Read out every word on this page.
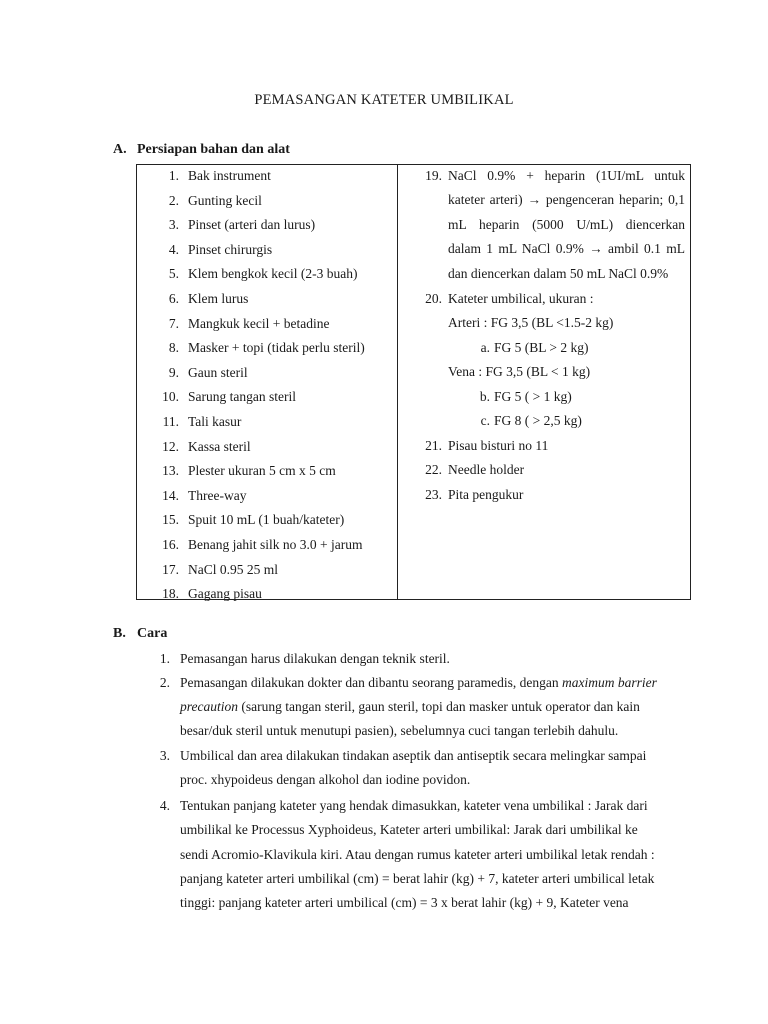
PEMASANGAN KATETER UMBILIKAL
A. Persiapan bahan dan alat
1. Bak instrument
2. Gunting kecil
3. Pinset (arteri dan lurus)
4. Pinset chirurgis
5. Klem bengkok kecil (2-3 buah)
6. Klem lurus
7. Mangkuk kecil + betadine
8. Masker + topi (tidak perlu steril)
9. Gaun steril
10. Sarung tangan steril
11. Tali kasur
12. Kassa steril
13. Plester ukuran 5 cm x 5 cm
14. Three-way
15. Spuit 10 mL (1 buah/kateter)
16. Benang jahit silk no 3.0 + jarum
17. NaCl 0.95 25 ml
18. Gagang pisau
19. NaCl 0.9% + heparin (1UI/mL untuk
kateter arteri) → pengenceran heparin; 0,1
mL heparin (5000 U/mL) diencerkan
dalam 1 mL NaCl 0.9% → ambil 0.1 mL
dan diencerkan dalam 50 mL NaCl 0.9%
20. Kateter umbilical, ukuran :
Arteri : FG 3,5 (BL <1.5-2 kg)
a. FG 5 (BL > 2 kg)
Vena : FG 3,5 (BL < 1 kg)
b. FG 5 ( > 1 kg)
c. FG 8 ( > 2,5 kg)
21. Pisau bisturi no 11
22. Needle holder
23. Pita pengukur
B. Cara
1. Pemasangan harus dilakukan dengan teknik steril.
2. Pemasangan dilakukan dokter dan dibantu seorang paramedis, dengan maximum barrier
precaution (sarung tangan steril, gaun steril, topi dan masker untuk operator dan kain
besar/duk steril untuk menutupi pasien), sebelumnya cuci tangan terlebih dahulu.
3. Umbilical dan area dilakukan tindakan aseptik dan antiseptik secara melingkar sampai
proc. xhypoideus dengan alkohol dan iodine povidon.
4. Tentukan panjang kateter yang hendak dimasukkan, kateter vena umbilikal : Jarak dari
umbilikal ke Processus Xyphoideus, Kateter arteri umbilikal: Jarak dari umbilikal ke
sendi Acromio-Klavikula kiri. Atau dengan rumus kateter arteri umbilikal letak rendah :
panjang kateter arteri umbilikal (cm) = berat lahir (kg) + 7, kateter arteri umbilical letak
tinggi: panjang kateter arteri umbilical (cm) = 3 x berat lahir (kg) + 9, Kateter vena
